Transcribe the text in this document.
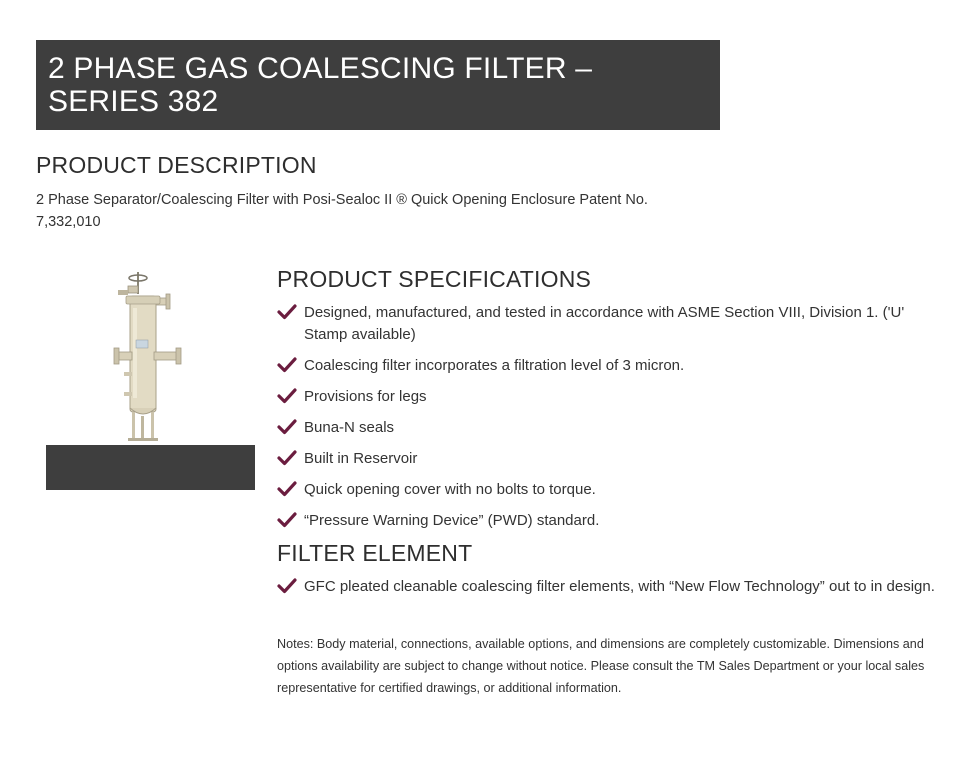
2 PHASE GAS COALESCING FILTER – SERIES 382
PRODUCT DESCRIPTION

2 Phase Separator/Coalescing Filter with Posi-Sealoc II ® Quick Opening Enclosure Patent No. 7,332,010

PRODUCT SPECIFICATIONS
Designed, manufactured, and tested in accordance with ASME Section VIII, Division 1. ('U' Stamp available)
Coalescing filter incorporates a filtration level of 3 micron.
Provisions for legs
Buna-N seals
Built in Reservoir
Quick opening cover with no bolts to torque.
“Pressure Warning Device” (PWD) standard.
FILTER ELEMENT
GFC pleated cleanable coalescing filter elements, with “New Flow Technology” out to in design.

Notes: Body material, connections, available options, and dimensions are completely customizable. Dimensions and options availability are subject to change without notice. Please consult the TM Sales Department or your local sales representative for certified drawings, or additional information.
